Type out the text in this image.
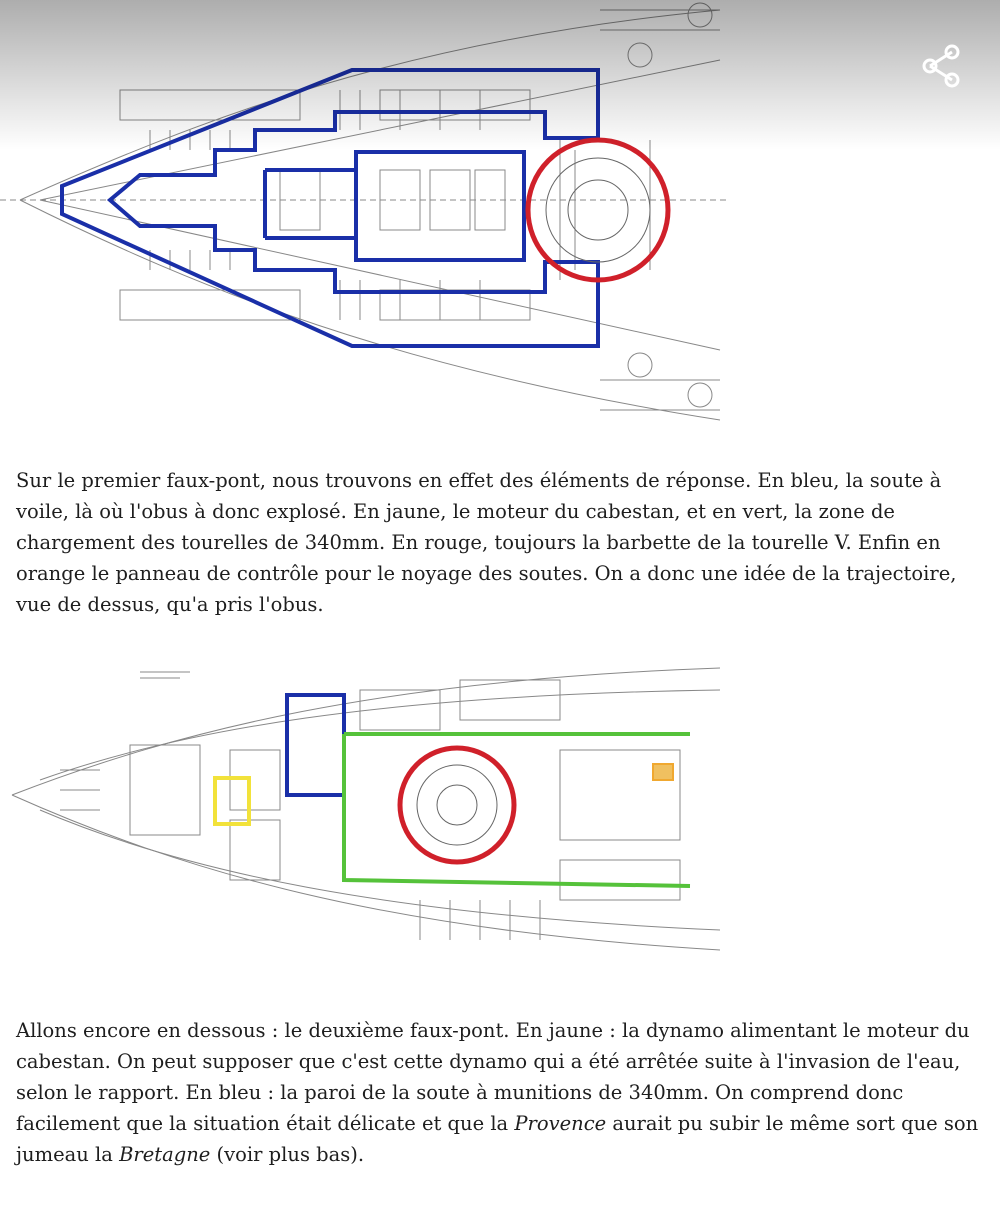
Sur le premier faux-pont, nous trouvons en effet des éléments de réponse. En bleu, la soute à voile, là où l'obus à donc explosé. En jaune, le moteur du cabestan, et en vert, la zone de chargement des tourelles de 340mm. En rouge, toujours la barbette de la tourelle V. Enfin en orange le panneau de contrôle pour le noyage des soutes. On a donc une idée de la trajectoire, vue de dessus, qu'a pris l'obus.

Allons encore en dessous : le deuxième faux-pont. En jaune : la dynamo alimentant le moteur du cabestan. On peut supposer que c'est cette dynamo qui a été arrêtée suite à l'invasion de l'eau, selon le rapport. En bleu : la paroi de la soute à munitions de 340mm. On comprend donc facilement que la situation était délicate et que la Provence aurait pu subir le même sort que son jumeau la Bretagne (voir plus bas).
